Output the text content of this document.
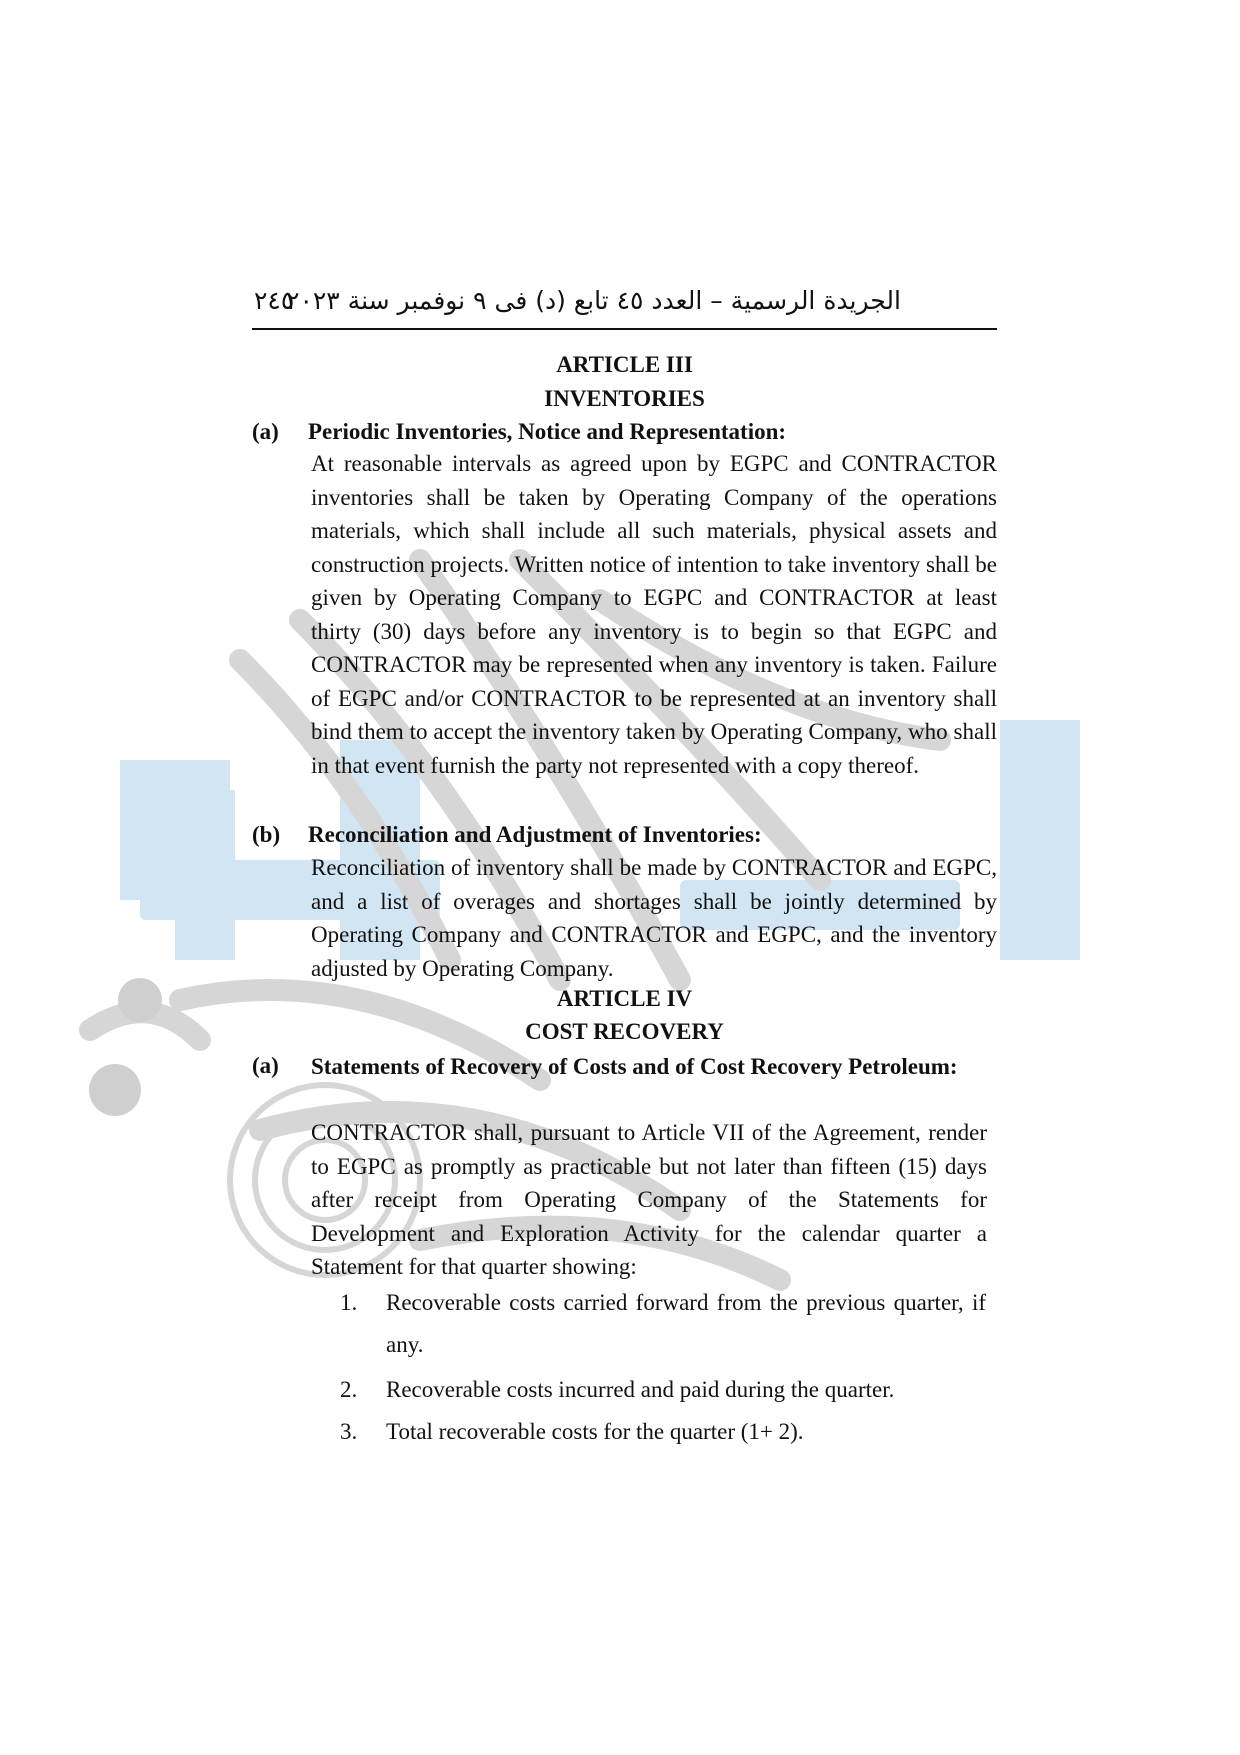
٢٤٥
الجريدة الرسمية – العدد ٤٥ تابع (د) فى ٩ نوفمبر سنة ٢٠٢٣
ARTICLE III
INVENTORIES
(a) Periodic Inventories, Notice and Representation:
At reasonable intervals as agreed upon by EGPC and CONTRACTOR inventories shall be taken by Operating Company of the operations materials, which shall include all such materials, physical assets and construction projects. Written notice of intention to take inventory shall be given by Operating Company to EGPC and CONTRACTOR at least thirty (30) days before any inventory is to begin so that EGPC and CONTRACTOR may be represented when any inventory is taken. Failure of EGPC and/or CONTRACTOR to be represented at an inventory shall bind them to accept the inventory taken by Operating Company, who shall in that event furnish the party not represented with a copy thereof.
(b) Reconciliation and Adjustment of Inventories:
Reconciliation of inventory shall be made by CONTRACTOR and EGPC, and a list of overages and shortages shall be jointly determined by Operating Company and CONTRACTOR and EGPC, and the inventory adjusted by Operating Company.
ARTICLE IV
COST RECOVERY
(a) Statements of Recovery of Costs and of Cost Recovery Petroleum:
CONTRACTOR shall, pursuant to Article VII of the Agreement, render to EGPC as promptly as practicable but not later than fifteen (15) days after receipt from Operating Company of the Statements for Development and Exploration Activity for the calendar quarter a Statement for that quarter showing:
1. Recoverable costs carried forward from the previous quarter, if any.
2. Recoverable costs incurred and paid during the quarter.
3. Total recoverable costs for the quarter (1+ 2).
